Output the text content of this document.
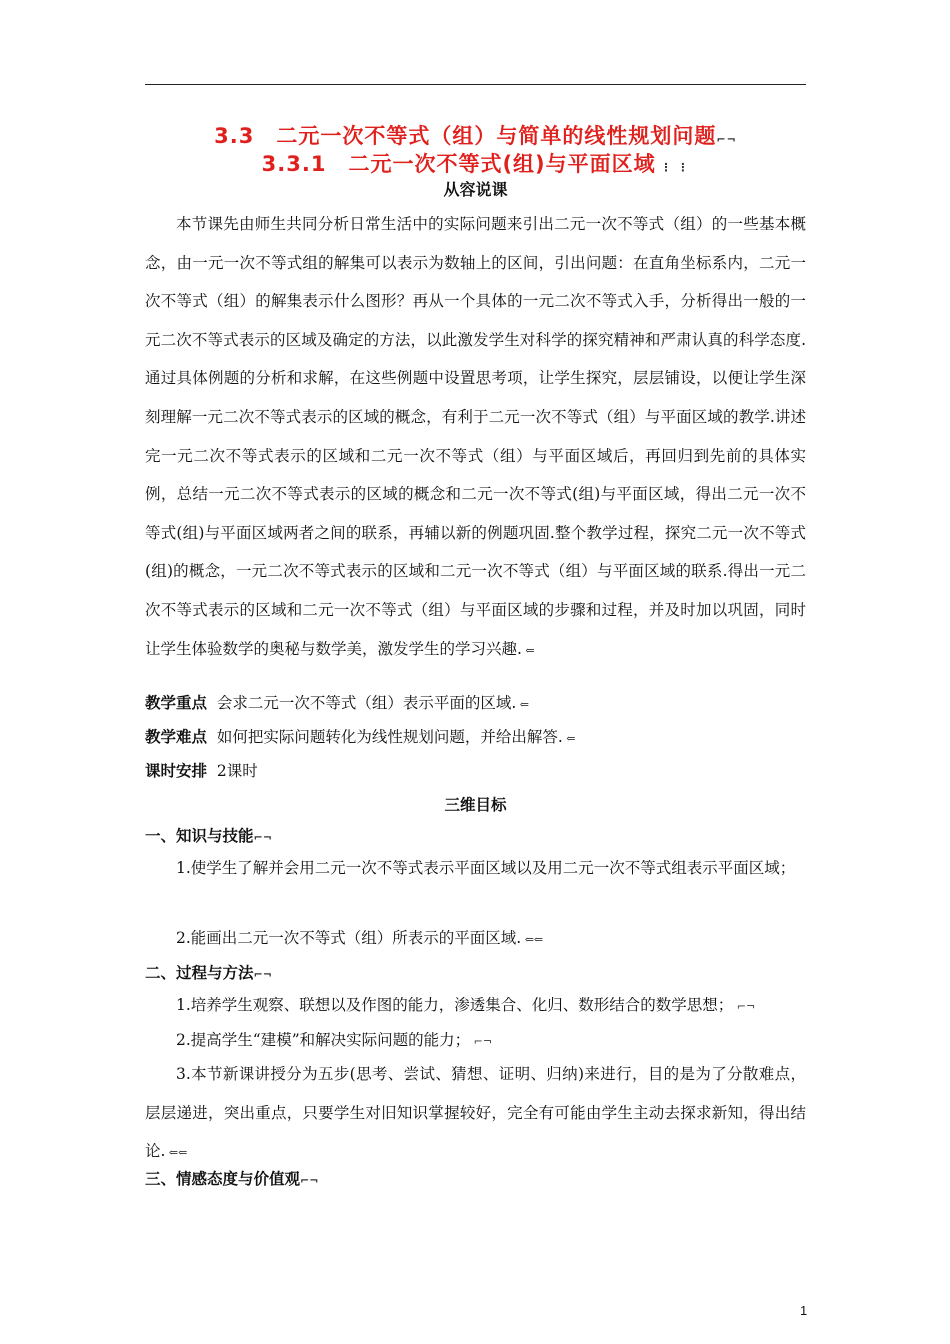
3.3　二元一次不等式（组）与简单的线性规划问题⌐¬
3.3.1　二元一次不等式(组)与平面区域 ⋮ ⋮
从容说课

本节课先由师生共同分析日常生活中的实际问题来引出二元一次不等式（组）的一些基本概念，由一元一次不等式组的解集可以表示为数轴上的区间，引出问题：在直角坐标系内，二元一次不等式（组）的解集表示什么图形？再从一个具体的一元二次不等式入手，分析得出一般的一元二次不等式表示的区域及确定的方法，以此激发学生对科学的探究精神和严肃认真的科学态度.通过具体例题的分析和求解，在这些例题中设置思考项，让学生探究，层层铺设，以便让学生深刻理解一元二次不等式表示的区域的概念，有利于二元一次不等式（组）与平面区域的教学.讲述完一元二次不等式表示的区域和二元一次不等式（组）与平面区域后，再回归到先前的具体实例，总结一元二次不等式表示的区域的概念和二元一次不等式(组)与平面区域，得出二元一次不等式(组)与平面区域两者之间的联系，再辅以新的例题巩固.整个教学过程，探究二元一次不等式(组)的概念，一元二次不等式表示的区域和二元一次不等式（组）与平面区域的联系.得出一元二次不等式表示的区域和二元一次不等式（组）与平面区域的步骤和过程，并及时加以巩固，同时让学生体验数学的奥秘与数学美，激发学生的学习兴趣. ⇐

教学重点 会求二元一次不等式（组）表示平面的区域. ⇐

教学难点 如何把实际问题转化为线性规划问题，并给出解答. ⇐

课时安排 2课时

三维目标
一、知识与技能⌐¬

1.使学生了解并会用二元一次不等式表示平面区域以及用二元一次不等式组表示平面区域；

2.能画出二元一次不等式（组）所表示的平面区域. ⇐⇐

二、过程与方法⌐¬

1.培养学生观察、联想以及作图的能力，渗透集合、化归、数形结合的数学思想； ⌐¬

2.提高学生“建模”和解决实际问题的能力； ⌐¬

3.本节新课讲授分为五步(思考、尝试、猜想、证明、归纳)来进行，目的是为了分散难点，层层递进，突出重点，只要学生对旧知识掌握较好，完全有可能由学生主动去探求新知，得出结论. ⇐⇐

三、情感态度与价值观⌐¬
1
